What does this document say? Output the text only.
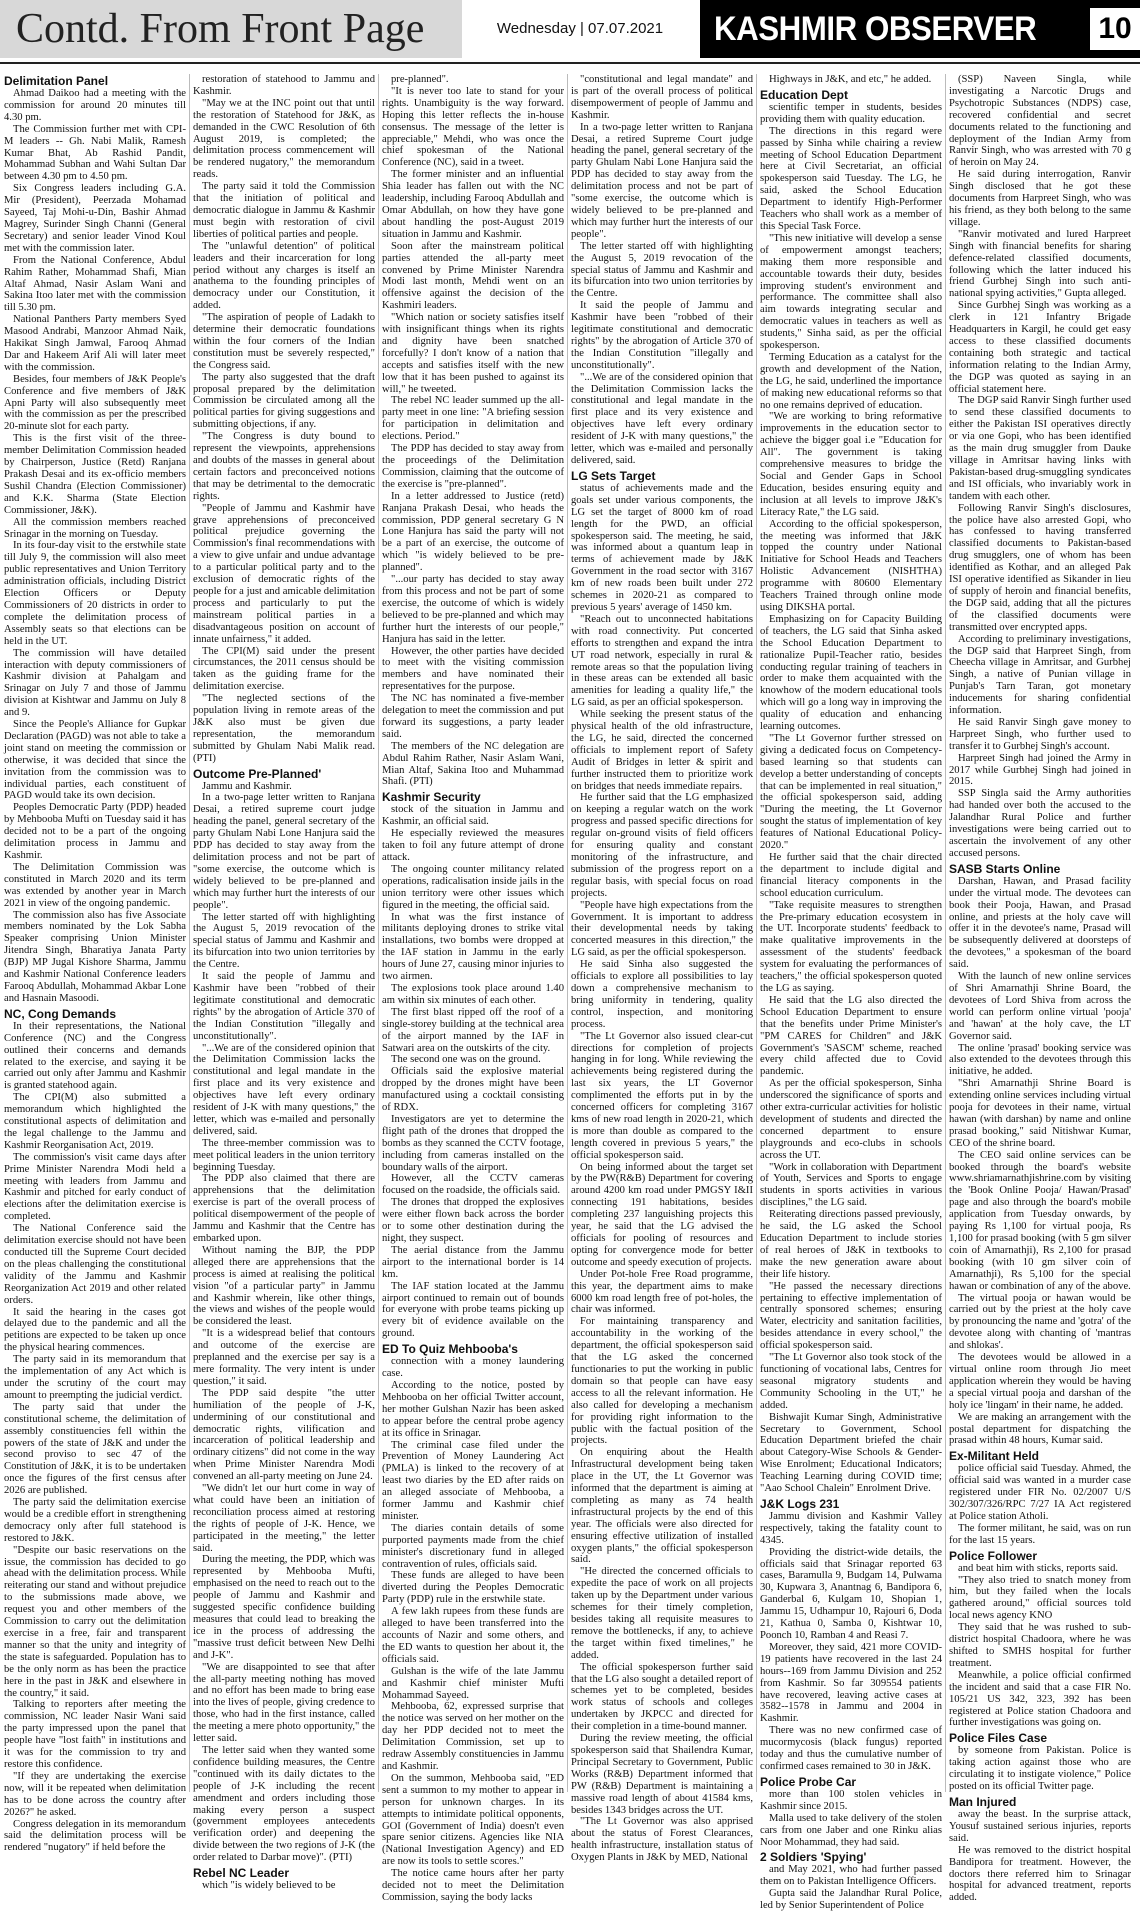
Contd. From Front Page	Wednesday | 07.07.2021	KASHMIR OBSERVER 10
Delimitation Panel

Ahmad Daikoo had a meeting with the commission for around 20 minutes till 4.30 pm.

The Commission further met with CPI-M leaders -- Gh. Nabi Malik, Ramesh Kumar Bhat, Ab Rashid Pandit, Mohammad Subhan and Wahi Sultan Dar between 4.30 pm to 4.50 pm.

Six Congress leaders including G.A. Mir (President), Peerzada Mohamad Sayeed, Taj Mohi-u-Din, Bashir Ahmad Magrey, Surinder Singh Channi (General Secretary) and senior leader Vinod Koul met with the commission later.

From the National Conference, Abdul Rahim Rather, Mohammad Shafi, Mian Altaf Ahmad, Nasir Aslam Wani and Sakina Itoo later met with the commission till 5.30 pm.

National Panthers Party members Syed Masood Andrabi, Manzoor Ahmad Naik, Hakikat Singh Jamwal, Farooq Ahmad Dar and Hakeem Arif Ali will later meet with the commission.

Besides, four members of J&K People's Conference and five members of J&K Apni Party will also subsequently meet with the commission as per the prescribed 20-minute slot for each party.

This is the first visit of the three-member Delimitation Commission headed by Chairperson, Justice (Retd) Ranjana Prakash Desai and its ex-officio members Sushil Chandra (Election Commissioner) and K.K. Sharma (State Election Commissioner, J&K).

All the commission members reached Srinagar in the morning on Tuesday.

In its four-day visit to the erstwhile state till July 9, the commission will also meet public representatives and Union Territory administration officials, including District Election Officers or Deputy Commissioners of 20 districts in order to complete the delimitation process of Assembly seats so that elections can be held in the UT.

The commission will have detailed interaction with deputy commissioners of Kashmir division at Pahalgam and Srinagar on July 7 and those of Jammu division at Kishtwar and Jammu on July 8 and 9.

Since the People's Alliance for Gupkar Declaration (PAGD) was not able to take a joint stand on meeting the commission or otherwise, it was decided that since the invitation from the commission was to individual parties, each constituent of PAGD would take its own decision.

Peoples Democratic Party (PDP) headed by Mehbooba Mufti on Tuesday said it has decided not to be a part of the ongoing delimitation process in Jammu and Kashmir.

The Delimitation Commission was constituted in March 2020 and its term was extended by another year in March 2021 in view of the ongoing pandemic.

The commission also has five Associate members nominated by the Lok Sabha Speaker comprising Union Minister Jitendra Singh, Bharatiya Janata Party (BJP) MP Jugal Kishore Sharma, Jammu and Kashmir National Conference leaders Farooq Abdullah, Mohammad Akbar Lone and Hasnain Masoodi.

NC, Cong Demands

In their representations, the National Conference (NC) and the Congress outlined their concerns and demands related to the exercise, and saying it be carried out only after Jammu and Kashmir is granted statehood again.

The CPI(M) also submitted a memorandum which highlighted the constitutional aspects of delimitation and the legal challenge to the Jammu and Kashmir Reorganisation Act, 2019.

The commission's visit came days after Prime Minister Narendra Modi held a meeting with leaders from Jammu and Kashmir and pitched for early conduct of elections after the delimitation exercise is completed.

The National Conference said the delimitation exercise should not have been conducted till the Supreme Court decided on the pleas challenging the constitutional validity of the Jammu and Kashmir Reorganization Act 2019 and other related orders.

It said the hearing in the cases got delayed due to the pandemic and all the petitions are expected to be taken up once the physical hearing commences.

The party said in its memorandum that the implementation of any Act which is under the scrutiny of the court may amount to preempting the judicial verdict.

The party said that under the constitutional scheme, the delimitation of assembly constituencies fell within the powers of the state of J&K and under the second proviso to sec 47 of the Constitution of J&K, it is to be undertaken once the figures of the first census after 2026 are published.

The party said the delimitation exercise would be a credible effort in strengthening democracy only after full statehood is restored to J&K.

"Despite our basic reservations on the issue, the commission has decided to go ahead with the delimitation process. While reiterating our stand and without prejudice to the submissions made above, we request you and other members of the Commission to carry out the delimitation exercise in a free, fair and transparent manner so that the unity and integrity of the state is safeguarded. Population has to be the only norm as has been the practice here in the past in J&K and elsewhere in the country," it said.

Talking to reporters after meeting the commission, NC leader Nasir Wani said the party impressed upon the panel that people have "lost faith" in institutions and it was for the commission to try and restore this confidence.

"If they are undertaking the exercise now, will it be repeated when delimitation has to be done across the country after 2026?" he asked.

Congress delegation in its memorandum said the delimitation process will be rendered "nugatory" if held before the

restoration of statehood to Jammu and Kashmir.

"May we at the INC point out that until the restoration of Statehood for J&K, as demanded in the CWC Resolution of 6th August 2019, is completed; the delimitation process commencement will be rendered nugatory," the memorandum reads.

The party said it told the Commission that the initiation of political and democratic dialogue in Jammu & Kashmir must begin with restoration of civil liberties of political parties and people.

The "unlawful detention" of political leaders and their incarceration for long period without any charges is itself an anathema to the founding principles of democracy under our Constitution, it added.

"The aspiration of people of Ladakh to determine their democratic foundations within the four corners of the Indian constitution must be severely respected," the Congress said.

The party also suggested that the draft proposal prepared by the delimitation Commission be circulated among all the political parties for giving suggestions and submitting objections, if any.

"The Congress is duty bound to represent the viewpoints, apprehensions and doubts of the masses in general about certain factors and preconceived notions that may be detrimental to the democratic rights.

"People of Jammu and Kashmir have grave apprehensions of preconceived political prejudice governing the Commission's final recommendations with a view to give unfair and undue advantage to a particular political party and to the exclusion of democratic rights of the people for a just and amicable delimitation process and particularly to put the mainstream political parties in a disadvantageous position on account of innate unfairness," it added.

The CPI(M) said under the present circumstances, the 2011 census should be taken as the guiding frame for the delimitation exercise.

"The neglected sections of the population living in remote areas of the J&K also must be given due representation, the memorandum submitted by Ghulam Nabi Malik read. (PTI)

Outcome Pre-Planned'

Jammu and Kashmir.

In a two-page letter written to Ranjana Desai, a retired supreme court judge heading the panel, general secretary of the party Ghulam Nabi Lone Hanjura said the PDP has decided to stay away from the delimitation process and not be part of "some exercise, the outcome which is widely believed to be pre-planned and which may further hurt the interests of our people".

The letter started off with highlighting the August 5, 2019 revocation of the special status of Jammu and Kashmir and its bifurcation into two union territories by the Centre.

It said the people of Jammu and Kashmir have been "robbed of their legitimate constitutional and democratic rights" by the abrogation of Article 370 of the Indian Constitution "illegally and unconstitutionally".

"...We are of the considered opinion that the Delimitation Commission lacks the constitutional and legal mandate in the first place and its very existence and objectives have left every ordinary resident of J-K with many questions," the letter, which was e-mailed and personally delivered, said.

The three-member commission was to meet political leaders in the union territory beginning Tuesday.

The PDP also claimed that there are apprehensions that the delimitation exercise is part of the overall process of political disempowerment of the people of Jammu and Kashmir that the Centre has embarked upon.

Without naming the BJP, the PDP alleged there are apprehensions that the process is aimed at realising the political vision "of a particular party" in Jammu and Kashmir wherein, like other things, the views and wishes of the people would be considered the least.

"It is a widespread belief that contours and outcome of the exercise are preplanned and the exercise per say is a mere formality. The very intent is under question," it said.

The PDP said despite "the utter humiliation of the people of J-K, undermining of our constitutional and democratic rights, vilification and incarceration of political leadership and ordinary citizens" did not come in the way when Prime Minister Narendra Modi convened an all-party meeting on June 24.

"We didn't let our hurt come in way of what could have been an initiation of reconciliation process aimed at restoring the rights of people of J-K. Hence, we participated in the meeting," the letter said.

During the meeting, the PDP, which was represented by Mehbooba Mufti, emphasised on the need to reach out to the people of Jammu and Kashmir and suggested specific confidence building measures that could lead to breaking the ice in the process of addressing the "massive trust deficit between New Delhi and J-K".

"We are disappointed to see that after the all-party meeting nothing has moved and no effort has been made to bring ease into the lives of people, giving credence to those, who had in the first instance, called the meeting a mere photo opportunity," the letter said.

The letter said when they wanted some confidence building measures, the Centre "continued with its daily dictates to the people of J-K including the recent amendment and orders including those making every person a suspect (government employees antecedents verification order) and deepening the divide between the two regions of J-K (the order related to Darbar move)". (PTI)

Rebel NC Leader

which "is widely believed to be

pre-planned".

"It is never too late to stand for your rights. Unambiguity is the way forward. Hoping this letter reflects the in-house consensus. The message of the letter is appreciable," Mehdi, who was once the chief spokesman of the National Conference (NC), said in a tweet.

The former minister and an influential Shia leader has fallen out with the NC leadership, including Farooq Abdullah and Omar Abdullah, on how they have gone about handling the post-August 2019 situation in Jammu and Kashmir.

Soon after the mainstream political parties attended the all-party meet convened by Prime Minister Narendra Modi last month, Mehdi went on an offensive against the decision of the Kashmiri leaders.

"Which nation or society satisfies itself with insignificant things when its rights and dignity have been snatched forcefully? I don't know of a nation that accepts and satisfies itself with the new low that it has been pushed to against its will," he tweeted.

The rebel NC leader summed up the all-party meet in one line: "A briefing session for participation in delimitation and elections. Period."

The PDP has decided to stay away from the proceedings of the Delimitation Commission, claiming that the outcome of the exercise is "pre-planned".

In a letter addressed to Justice (retd) Ranjana Prakash Desai, who heads the commission, PDP general secretary G N Lone Hanjura has said the party will not be a part of an exercise, the outcome of which "is widely believed to be pre-planned".

"...our party has decided to stay away from this process and not be part of some exercise, the outcome of which is widely believed to be pre-planned and which may further hurt the interests of our people," Hanjura has said in the letter.

However, the other parties have decided to meet with the visiting commission members and have nominated their representatives for the purpose.

The NC has nominated a five-member delegation to meet the commission and put forward its suggestions, a party leader said.

The members of the NC delegation are Abdul Rahim Rather, Nasir Aslam Wani, Mian Altaf, Sakina Itoo and Muhammad Shafi. (PTI)

Kashmir Security

stock of the situation in Jammu and Kashmir, an official said.

He especially reviewed the measures taken to foil any future attempt of drone attack.

The ongoing counter militancy related operations, radicalisation inside jails in the union territory were other issues which figured in the meeting, the official said.

In what was the first instance of militants deploying drones to strike vital installations, two bombs were dropped at the IAF station in Jammu in the early hours of June 27, causing minor injuries to two airmen.

The explosions took place around 1.40 am within six minutes of each other.

The first blast ripped off the roof of a single-storey building at the technical area of the airport manned by the IAF in Satwari area on the outskirts of the city.

The second one was on the ground.

Officials said the explosive material dropped by the drones might have been manufactured using a cocktail consisting of RDX.

Investigators are yet to determine the flight path of the drones that dropped the bombs as they scanned the CCTV footage, including from cameras installed on the boundary walls of the airport.

However, all the CCTV cameras focused on the roadside, the officials said.

The drones that dropped the explosives were either flown back across the border or to some other destination during the night, they suspect.

The aerial distance from the Jammu airport to the international border is 14 km.

The IAF station located at the Jammu airport continued to remain out of bounds for everyone with probe teams picking up every bit of evidence available on the ground.

ED To Quiz Mehbooba's

connection with a money laundering case.

According to the notice, posted by Mehbooba on her official Twitter account, her mother Gulshan Nazir has been asked to appear before the central probe agency at its office in Srinagar.

The criminal case filed under the Prevention of Money Laundering Act (PMLA) is linked to the recovery of at least two diaries by the ED after raids on an alleged associate of Mehbooba, a former Jammu and Kashmir chief minister.

The diaries contain details of some purported payments made from the chief minister's discretionary fund in alleged contravention of rules, officials said.

These funds are alleged to have been diverted during the Peoples Democratic Party (PDP) rule in the erstwhile state.

A few lakh rupees from these funds are alleged to have been transferred into the accounts of Nazir and some others, and the ED wants to question her about it, the officials said.

Gulshan is the wife of the late Jammu and Kashmir chief minister Mufti Mohammad Sayeed.

Mehbooba, 62, expressed surprise that the notice was served on her mother on the day her PDP decided not to meet the Delimitation Commission, set up to redraw Assembly constituencies in Jammu and Kashmir.

On the summon, Mehbooba said, "ED sent a summon to my mother to appear in person for unknown charges. In its attempts to intimidate political opponents, GOI (Government of India) doesn't even spare senior citizens. Agencies like NIA (National Investigation Agency) and ED are now its tools to settle scores."

The notice came hours after her party decided not to meet the Delimitation Commission, saying the body lacks

"constitutional and legal mandate" and is part of the overall process of political disempowerment of people of Jammu and Kashmir.

In a two-page letter written to Ranjana Desai, a retired Supreme Court judge heading the panel, general secretary of the party Ghulam Nabi Lone Hanjura said the PDP has decided to stay away from the delimitation process and not be part of "some exercise, the outcome which is widely believed to be pre-planned and which may further hurt the interests of our people".

The letter started off with highlighting the August 5, 2019 revocation of the special status of Jammu and Kashmir and its bifurcation into two union territories by the Centre.

It said the people of Jammu and Kashmir have been "robbed of their legitimate constitutional and democratic rights" by the abrogation of Article 370 of the Indian Constitution "illegally and unconstitutionally".

"...We are of the considered opinion that the Delimitation Commission lacks the constitutional and legal mandate in the first place and its very existence and objectives have left every ordinary resident of J-K with many questions," the letter, which was e-mailed and personally delivered, said.

LG Sets Target

status of achievements made and the goals set under various components, the LG set the target of 8000 km of road length for the PWD, an official spokesperson said. The meeting, he said, was informed about a quantum leap in terms of achievement made by J&K Government in the road sector with 3167 km of new roads been built under 272 schemes in 2020-21 as compared to previous 5 years' average of 1450 km.

"Reach out to unconnected habitations with road connectivity. Put concerted efforts to strengthen and expand the intra UT road network, especially in rural & remote areas so that the population living in these areas can be extended all basic amenities for leading a quality life," the LG said, as per an official spokesperson.

While seeking the present status of the physical health of the old infrastructure, the LG, he said, directed the concerned officials to implement report of Safety Audit of Bridges in letter & spirit and further instructed them to prioritize work on bridges that needs immediate repairs.

He further said that the LG emphasized on keeping a regular watch on the work progress and passed specific directions for regular on-ground visits of field officers for ensuring quality and constant monitoring of the infrastructure, and submission of the progress report on a regular basis, with special focus on road projects.

"People have high expectations from the Government. It is important to address their developmental needs by taking concerted measures in this direction," the LG said, as per the official spokesperson.

He said Sinha also suggested the officials to explore all possibilities to lay down a comprehensive mechanism to bring uniformity in tendering, quality control, inspection, and monitoring process.

"The Lt Governor also issued clear-cut directions for completion of projects hanging in for long. While reviewing the achievements being registered during the last six years, the LT Governor complimented the efforts put in by the concerned officers for completing 3167 kms of new road length in 2020-21, which is more than double as compared to the length covered in previous 5 years," the official spokesperson said.

On being informed about the target set by the PW(R&B) Department for covering around 4200 km road under PMGSY I&II connecting 191 habitations, besides completing 237 languishing projects this year, he said that the LG advised the officials for pooling of resources and opting for convergence mode for better outcome and speedy execution of projects.

Under Pot-hole Free Road programme, this year, the department aims to make 6000 km road length free of pot-holes, the chair was informed.

For maintaining transparency and accountability in the working of the department, the official spokesperson said that the LG asked the concerned functionaries to put the working in public domain so that people can have easy access to all the relevant information. He also called for developing a mechanism for providing right information to the public with the factual position of the projects.

On enquiring about the Health Infrastructural development being taken place in the UT, the Lt Governor was informed that the department is aiming at completing as many as 74 health infrastructural projects by the end of this year. The officials were also directed for ensuring effective utilization of installed oxygen plants," the official spokesperson said.

"He directed the concerned officials to expedite the pace of work on all projects taken up by the Department under various schemes for their timely completion, besides taking all requisite measures to remove the bottlenecks, if any, to achieve the target within fixed timelines," he added.

The official spokesperson further said that the LG also sought a detailed report of schemes yet to be completed, besides work status of schools and colleges undertaken by JKPCC and directed for their completion in a time-bound manner.

During the review meeting, the official spokesperson said that Shailendra Kumar, Principal Secretary to Government, Public Works (R&B) Department informed that PW (R&B) Department is maintaining a massive road length of about 41584 kms, besides 1343 bridges across the UT.

"The Lt Governor was also apprised about the status of Forest Clearances, health infrastructure, installation status of Oxygen Plants in J&K by MED, National

Highways in J&K, and etc," he added.

Education Dept

scientific temper in students, besides providing them with quality education.

The directions in this regard were passed by Sinha while chairing a review meeting of School Education Department here at Civil Secretariat, an official spokesperson said Tuesday. The LG, he said, asked the School Education Department to identify High-Performer Teachers who shall work as a member of this Special Task Force.

"This new initiative will develop a sense of empowerment amongst teachers; making them more responsible and accountable towards their duty, besides improving student's environment and performance. The committee shall also aim towards integrating secular and democratic values in teachers as well as students," Sinha said, as per the official spokesperson.

Terming Education as a catalyst for the growth and development of the Nation, the LG, he said, underlined the importance of making new educational reforms so that no one remains deprived of education.

"We are working to bring reformative improvements in the education sector to achieve the bigger goal i.e "Education for All". The government is taking comprehensive measures to bridge the Social and Gender Gaps in School Education, besides ensuring equity and inclusion at all levels to improve J&K's Literacy Rate," the LG said.

According to the official spokesperson, the meeting was informed that J&K topped the country under National Initiative for School Heads and Teachers Holistic Advancement (NISHTHA) programme with 80600 Elementary Teachers Trained through online mode using DIKSHA portal.

Emphasizing on for Capacity Building of teachers, the LG said that Sinha asked the School Education Department to rationalize Pupil-Teacher ratio, besides conducting regular training of teachers in order to make them acquainted with the knowhow of the modern educational tools which will go a long way in improving the quality of education and enhancing learning outcomes.

"The Lt Governor further stressed on giving a dedicated focus on Competency-based learning so that students can develop a better understanding of concepts that can be implemented in real situation," the official spokesperson said, adding "During the meeting, the Lt Governor sought the status of implementation of key features of National Educational Policy-2020."

He further said that the chair directed the department to include digital and financial literacy components in the school education curriculum.

"Take requisite measures to strengthen the Pre-primary education ecosystem in the UT. Incorporate students' feedback to make qualitative improvements in the assessment of the students' feedback system for evaluating the performances of teachers," the official spokesperson quoted the LG as saying.

He said that the LG also directed the School Education Department to ensure that the benefits under Prime Minister's "PM CARES for Children" and J&K Government's 'SASCM' scheme, reached every child affected due to Covid pandemic.

As per the official spokesperson, Sinha underscored the significance of sports and other extra-curricular activities for holistic development of students and directed the concerned department to ensure playgrounds and eco-clubs in schools across the UT.

"Work in collaboration with Department of Youth, Services and Sports to engage students in sports activities in various disciplines," the LG said.

Reiterating directions passed previously, he said, the LG asked the School Education Department to include stories of real heroes of J&K in textbooks to make the new generation aware about their life history.

"He passed the necessary directions pertaining to effective implementation of centrally sponsored schemes; ensuring Water, electricity and sanitation facilities, besides attendance in every school," the official spokesperson said.

"The Lt Governor also took stock of the functioning of vocational labs, Centres for seasonal migratory students and Community Schooling in the UT," he added.

Bishwajit Kumar Singh, Administrative Secretary to Government, School Education Department briefed the chair about Category-Wise Schools & Gender-Wise Enrolment; Educational Indicators; Teaching Learning during COVID time; "Aao School Chalein" Enrolment Drive.

J&K Logs 231

Jammu division and Kashmir Valley respectively, taking the fatality count to 4345.

Providing the district-wide details, the officials said that Srinagar reported 63 cases, Baramulla 9, Budgam 14, Pulwama 30, Kupwara 3, Anantnag 6, Bandipora 6, Ganderbal 6, Kulgam 10, Shopian 1, Jammu 15, Udhampur 10, Rajouri 6, Doda 21, Kathua 0, Samba 0, Kishtwar 10, Poonch 10, Ramban 4 and Reasi 7.

Moreover, they said, 421 more COVID-19 patients have recovered in the last 24 hours--169 from Jammu Division and 252 from Kashmir. So far 309554 patients have recovered, leaving active cases at 3582--1578 in Jammu and 2004 in Kashmir.

There was no new confirmed case of mucormycosis (black fungus) reported today and thus the cumulative number of confirmed cases remained to 30 in J&K.

Police Probe Car

more than 100 stolen vehicles in Kashmir since 2015.

Malla used to take delivery of the stolen cars from one Jaber and one Rinku alias Noor Mohammad, they had said.

2 Soldiers 'Spying'

and May 2021, who had further passed them on to Pakistan Intelligence Officers.

Gupta said the Jalandhar Rural Police, led by Senior Superintendent of Police

(SSP) Naveen Singla, while investigating a Narcotic Drugs and Psychotropic Substances (NDPS) case, recovered confidential and secret documents related to the functioning and deployment of the Indian Army from Ranvir Singh, who was arrested with 70 g of heroin on May 24.

He said during interrogation, Ranvir Singh disclosed that he got these documents from Harpreet Singh, who was his friend, as they both belong to the same village.

"Ranvir motivated and lured Harpreet Singh with financial benefits for sharing defence-related classified documents, following which the latter induced his friend Gurbhej Singh into such anti-national spying activities," Gupta alleged.

Since Gurbhej Singh was working as a clerk in 121 Infantry Brigade Headquarters in Kargil, he could get easy access to these classified documents containing both strategic and tactical information relating to the Indian Army, the DGP was quoted as saying in an official statement here.

The DGP said Ranvir Singh further used to send these classified documents to either the Pakistan ISI operatives directly or via one Gopi, who has been identified as the main drug smuggler from Dauke village in Amritsar having links with Pakistan-based drug-smuggling syndicates and ISI officials, who invariably work in tandem with each other.

Following Ranvir Singh's disclosures, the police have also arrested Gopi, who has confessed to having transferred classified documents to Pakistan-based drug smugglers, one of whom has been identified as Kothar, and an alleged Pak ISI operative identified as Sikander in lieu of supply of heroin and financial benefits, the DGP said, adding that all the pictures of the classified documents were transmitted over encrypted apps.

According to preliminary investigations, the DGP said that Harpreet Singh, from Cheecha village in Amritsar, and Gurbhej Singh, a native of Punian village in Punjab's Tarn Taran, got monetary inducements for sharing confidential information.

He said Ranvir Singh gave money to Harpreet Singh, who further used to transfer it to Gurbhej Singh's account.

Harpreet Singh had joined the Army in 2017 while Gurbhej Singh had joined in 2015.

SSP Singla said the Army authorities had handed over both the accused to the Jalandhar Rural Police and further investigations were being carried out to ascertain the involvement of any other accused persons.

SASB Starts Online

Darshan, Hawan, and Prasad facility under the virtual mode. The devotees can book their Pooja, Hawan, and Prasad online, and priests at the holy cave will offer it in the devotee's name, Prasad will be subsequently delivered at doorsteps of the devotees," a spokesman of the board said.

With the launch of new online services of Shri Amarnathji Shrine Board, the devotees of Lord Shiva from across the world can perform online virtual 'pooja' and 'hawan' at the holy cave, the LT Governor said.

The online 'prasad' booking service was also extended to the devotees through this initiative, he added.

"Shri Amarnathji Shrine Board is extending online services including virtual pooja for devotees in their name, virtual hawan (with darshan) by name and online prasad booking," said Nitishwar Kumar, CEO of the shrine board.

The CEO said online services can be booked through the board's website www.shriamarnathjishrine.com by visiting the 'Book Online Pooja/ Hawan/Prasad' page and also through the board's mobile application from Tuesday onwards, by paying Rs 1,100 for virtual pooja, Rs 1,100 for prasad booking (with 5 gm silver coin of Amarnathji), Rs 2,100 for prasad booking (with 10 gm silver coin of Amarnathji), Rs 5,100 for the special hawan or combination of any of the above.

The virtual pooja or hawan would be carried out by the priest at the holy cave by pronouncing the name and 'gotra' of the devotee along with chanting of 'mantras and shlokas'.

The devotees would be allowed in a virtual online room through Jio meet application wherein they would be having a special virtual pooja and darshan of the holy ice 'lingam' in their name, he added.

We are making an arrangement with the postal department for dispatching the prasad within 48 hours, Kumar said.

Ex-Militant Held

police official said Tuesday. Ahmed, the official said was wanted in a murder case registered under FIR No. 02/2007 U/S 302/307/326/RPC 7/27 IA Act registered at Police station Atholi.

The former militant, he said, was on run for the last 15 years.

Police Follower

and beat him with sticks, reports said.

"They also tried to snatch money from him, but they failed when the locals gathered around," official sources told local news agency KNO

They said that he was rushed to sub-district hospital Chadoora, where he was shifted to SMHS hospital for further treatment.

Meanwhile, a police official confirmed the incident and said that a case FIR No. 105/21 US 342, 323, 392 has been registered at Police station Chadoora and further investigations was going on.

Police Files Case

by someone from Pakistan. Police is taking action against those who are circulating it to instigate violence," Police posted on its official Twitter page.

Man Injured

away the beast. In the surprise attack, Yousuf sustained serious injuries, reports said.

He was removed to the district hospital Bandipora for treatment. However, the doctors there referred him to Srinagar hospital for advanced treatment, reports added.
